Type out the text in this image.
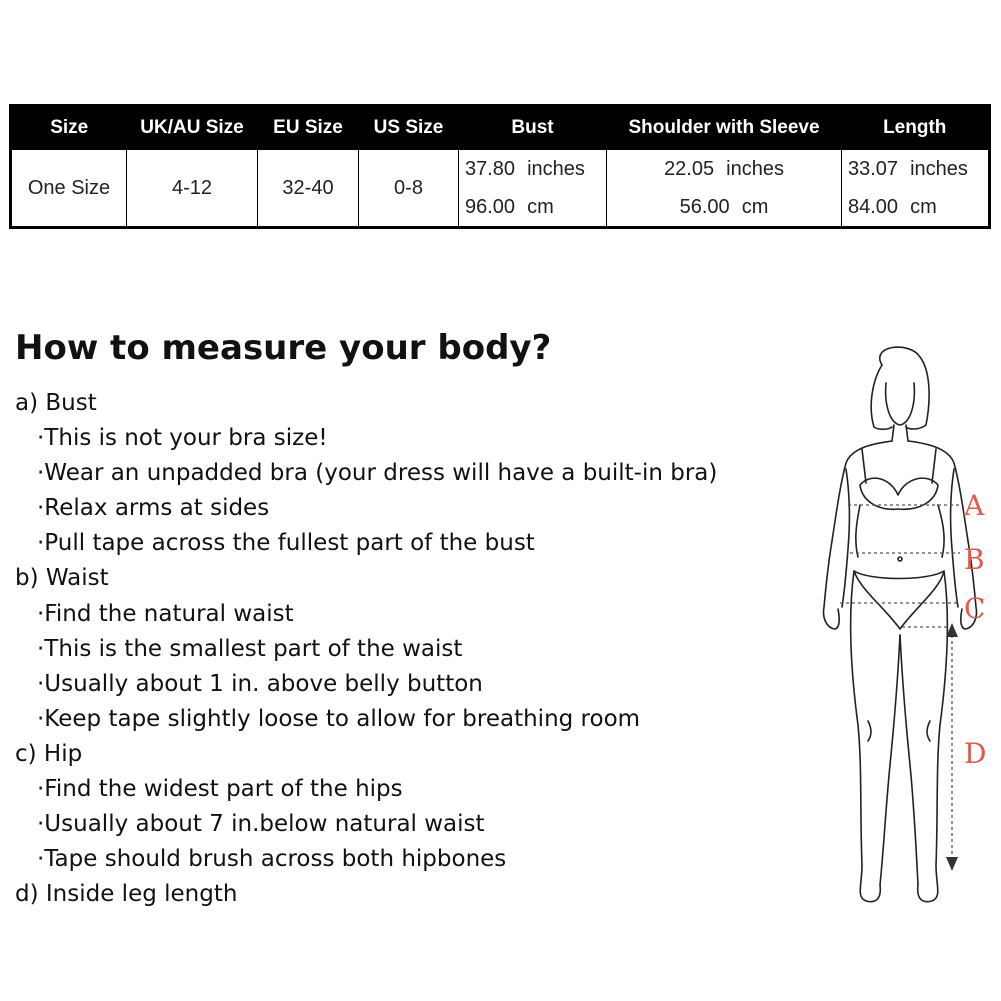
Size	UK/AU Size	EU Size	US Size	Bust	Shoulder with Sleeve	Length
One Size	4-12	32-40	0-8	37.80 inches	22.05 inches	33.07 inches
				96.00 cm	56.00 cm	84.00 cm
How to measure your body?

a) Bust

·This is not your bra size!

·Wear an unpadded bra (your dress will have a built-in bra)

·Relax arms at sides

·Pull tape across the fullest part of the bust

b) Waist

·Find the natural waist

·This is the smallest part of the waist

·Usually about 1 in. above belly button

·Keep tape slightly loose to allow for breathing room

c) Hip

·Find the widest part of the hips

·Usually about 7 in.below natural waist

·Tape should brush across both hipbones

d) Inside leg length

A
B
C
D
